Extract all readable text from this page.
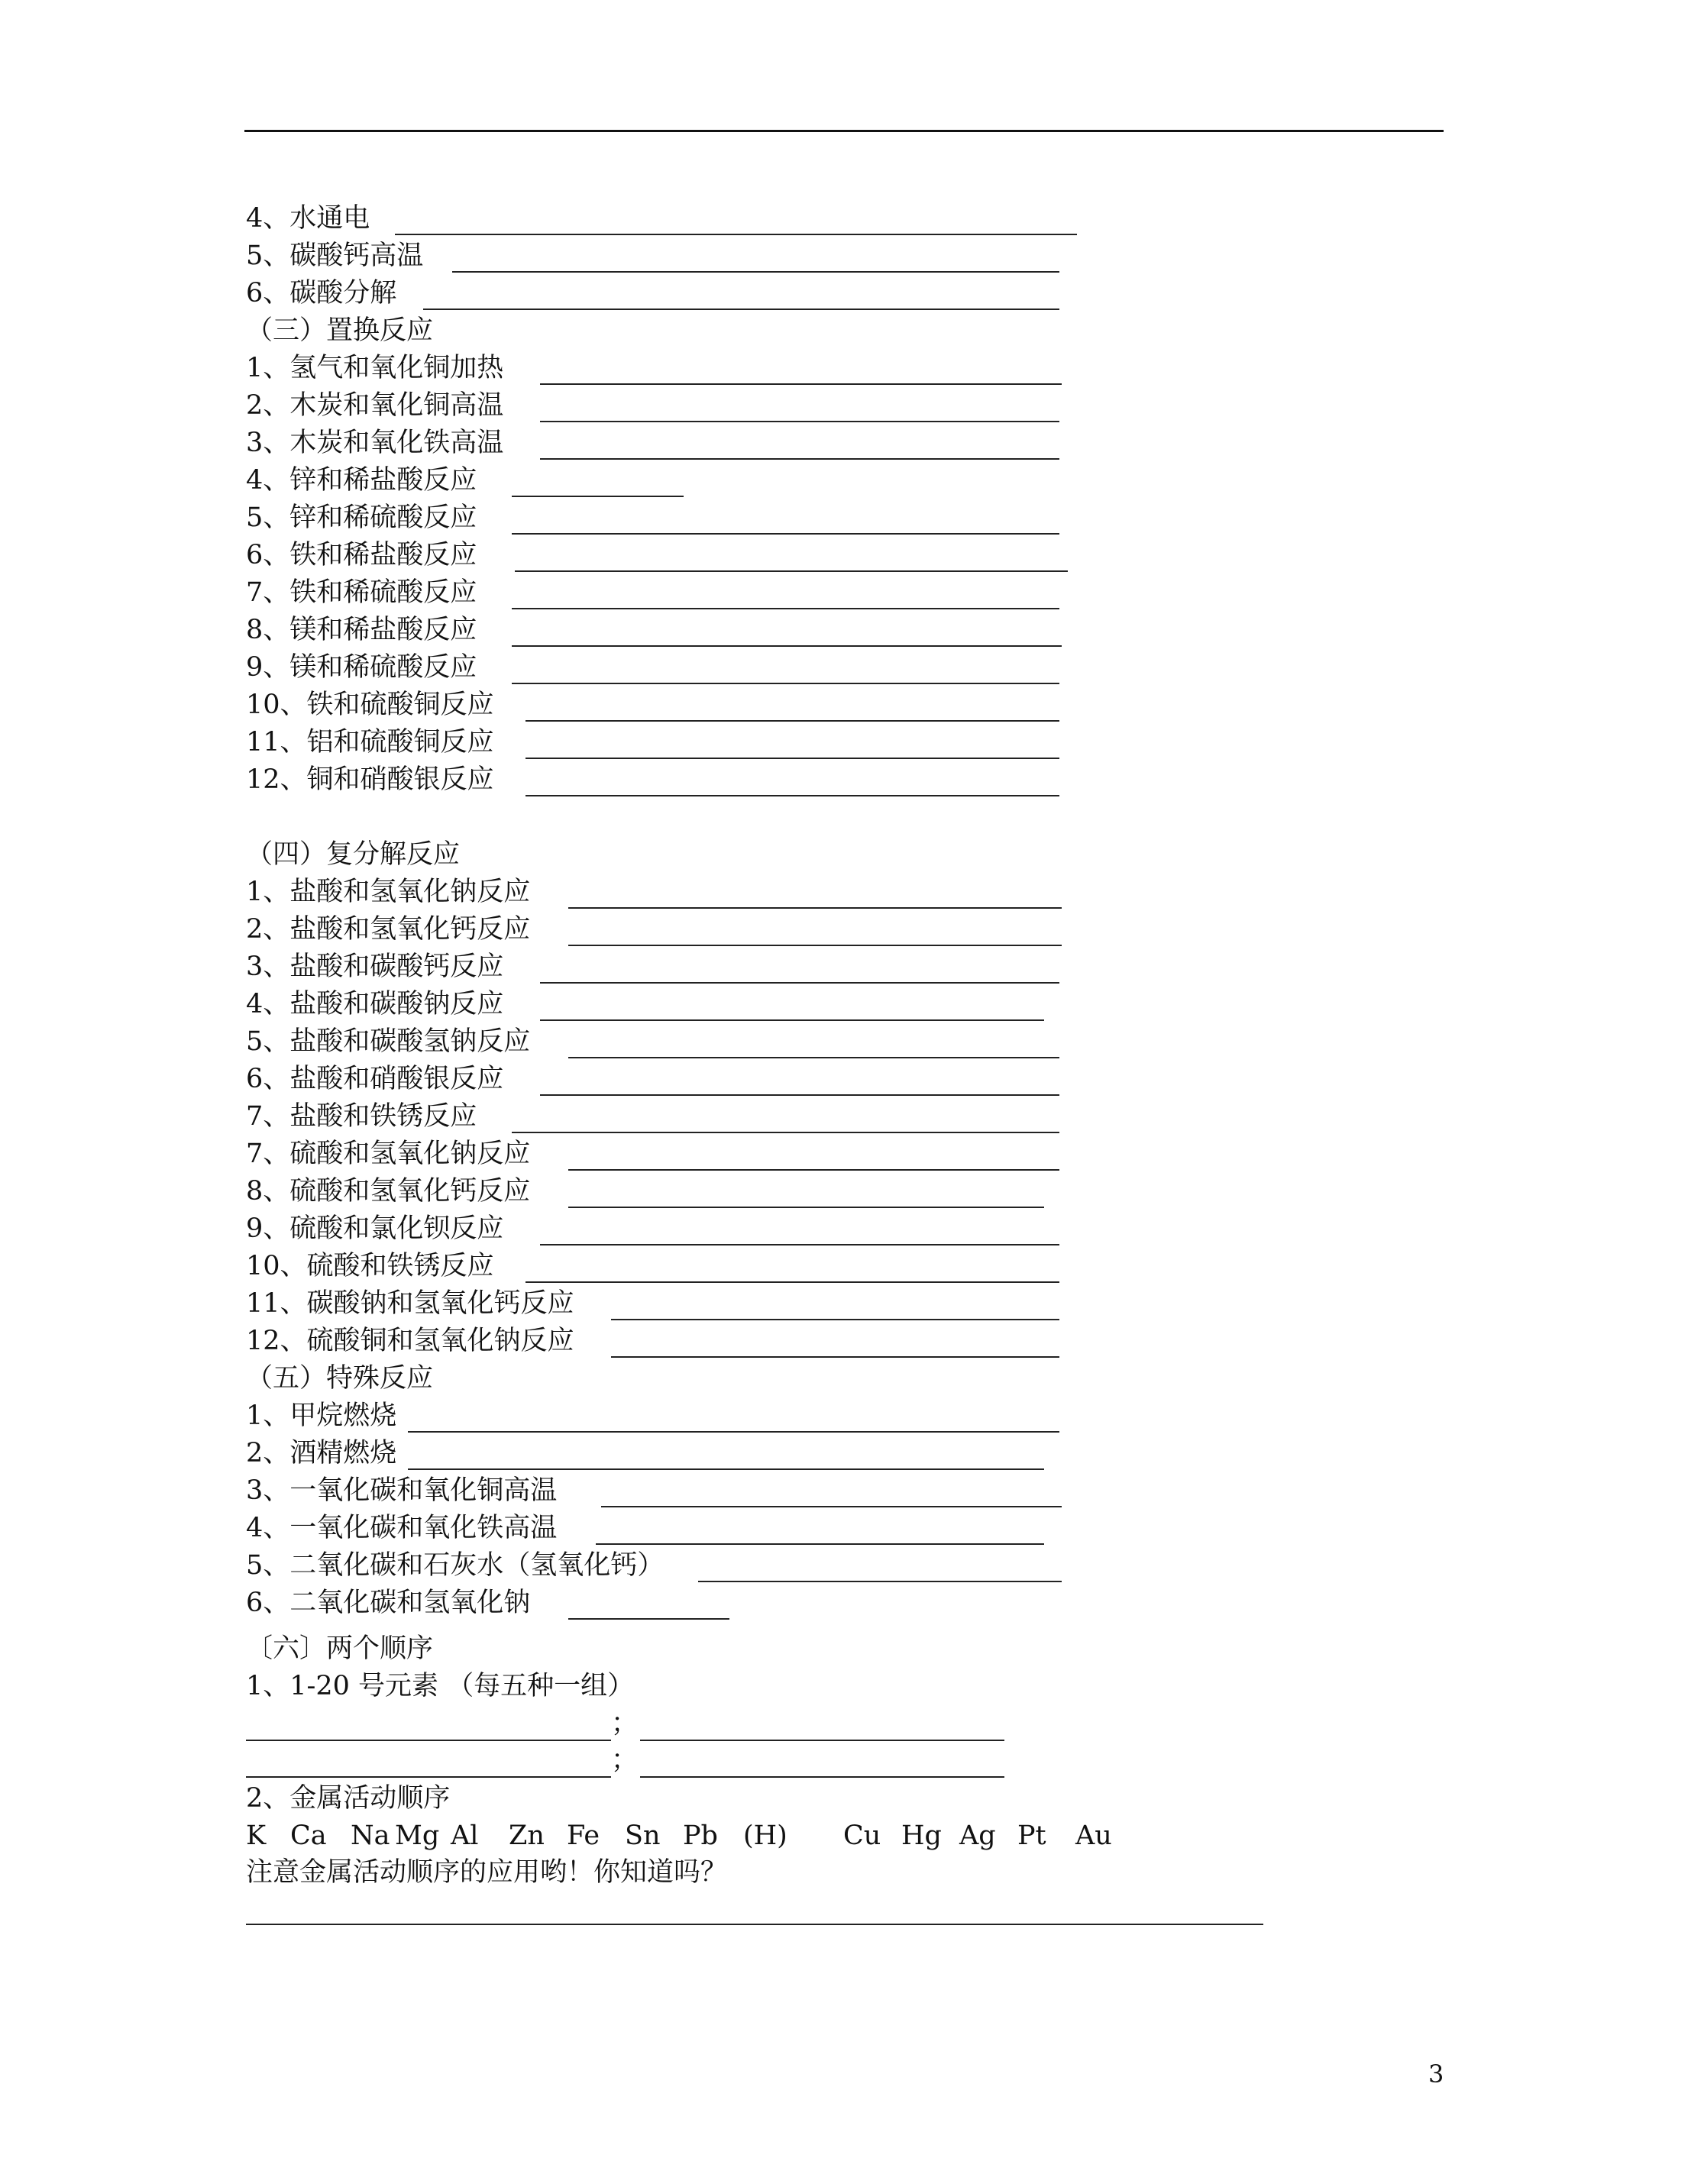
4、水通电
5、碳酸钙高温
6、碳酸分解
（三）置换反应
1、氢气和氧化铜加热
2、木炭和氧化铜高温
3、木炭和氧化铁高温
4、锌和稀盐酸反应
5、锌和稀硫酸反应
6、铁和稀盐酸反应
7、铁和稀硫酸反应
8、镁和稀盐酸反应
9、镁和稀硫酸反应
10、铁和硫酸铜反应
11、铝和硫酸铜反应
12、铜和硝酸银反应
（四）复分解反应
1、盐酸和氢氧化钠反应
2、盐酸和氢氧化钙反应
3、盐酸和碳酸钙反应
4、盐酸和碳酸钠反应
5、盐酸和碳酸氢钠反应
6、盐酸和硝酸银反应
7、盐酸和铁锈反应
7、硫酸和氢氧化钠反应
8、硫酸和氢氧化钙反应
9、硫酸和氯化钡反应
10、硫酸和铁锈反应
11、碳酸钠和氢氧化钙反应
12、硫酸铜和氢氧化钠反应
（五）特殊反应
1、甲烷燃烧
2、酒精燃烧
3、一氧化碳和氧化铜高温
4、一氧化碳和氧化铁高温
5、二氧化碳和石灰水（氢氧化钙）
6、二氧化碳和氢氧化钠
〔六〕两个顺序
1、1-20 号元素 （每五种一组）
；
；
2、金属活动顺序
K Ca Na Mg Al Zn Fe Sn Pb (H) Cu Hg Ag Pt Au
注意金属活动顺序的应用哟！你知道吗？
3
